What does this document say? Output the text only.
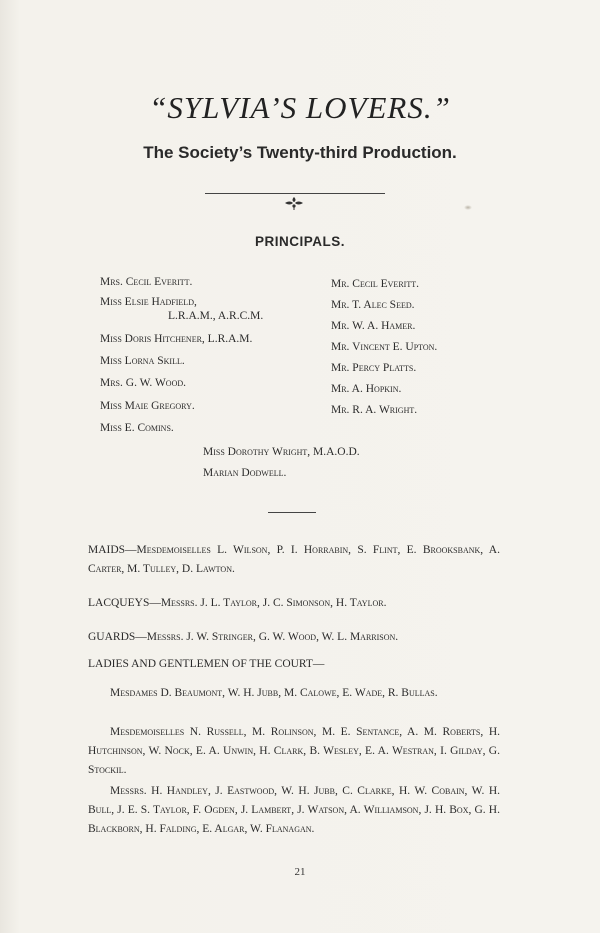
“SYLVIA’S LOVERS.”
The Society’s Twenty-third Production.
PRINCIPALS.
Mrs. Cecil Everitt.
Miss Elsie Hadfield,
L.R.A.M., A.R.C.M.
Miss Doris Hitchener, L.R.A.M.
Miss Lorna Skill.
Mrs. G. W. Wood.
Miss Maie Gregory.
Miss E. Comins.
Mr. Cecil Everitt.
Mr. T. Alec Seed.
Mr. W. A. Hamer.
Mr. Vincent E. Upton.
Mr. Percy Platts.
Mr. A. Hopkin.
Mr. R. A. Wright.
Miss Dorothy Wright, M.A.O.D.
Marian Dodwell.
MAIDS—Mesdemoiselles L. Wilson, P. I. Horrabin, S. Flint, E. Brooksbank, A. Carter, M. Tulley, D. Lawton.
LACQUEYS—Messrs. J. L. Taylor, J. C. Simonson, H. Taylor.
GUARDS—Messrs. J. W. Stringer, G. W. Wood, W. L. Marrison.
LADIES AND GENTLEMEN OF THE COURT—
Mesdames D. Beaumont, W. H. Jubb, M. Calowe, E. Wade, R. Bullas.
Mesdemoiselles N. Russell, M. Rolinson, M. E. Sentance, A. M. Roberts, H. Hutchinson, W. Nock, E. A. Unwin, H. Clark, B. Wesley, E. A. Westran, I. Gilday, G. Stockil.
Messrs. H. Handley, J. Eastwood, W. H. Jubb, C. Clarke, H. W. Cobain, W. H. Bull, J. E. S. Taylor, F. Ogden, J. Lambert, J. Watson, A. Williamson, J. H. Box, G. H. Blackborn, H. Falding, E. Algar, W. Flanagan.
21
